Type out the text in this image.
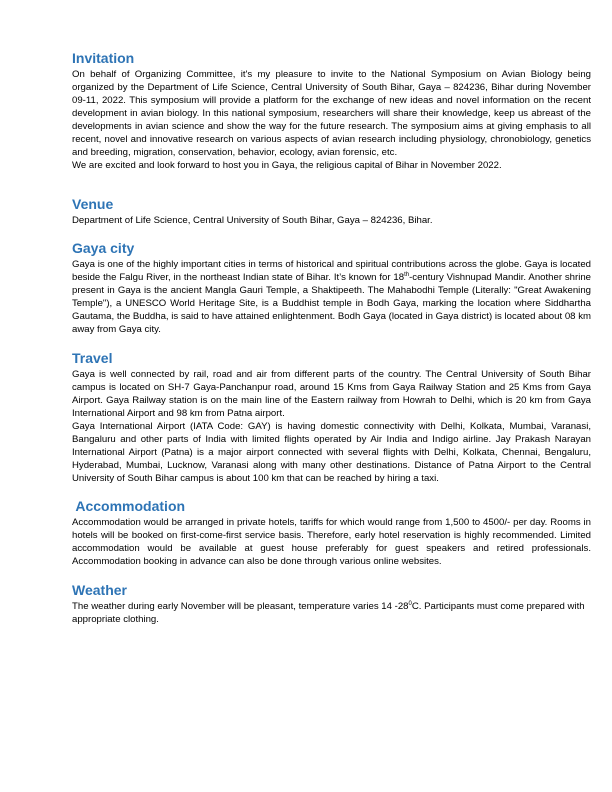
Invitation

On behalf of Organizing Committee, it's my pleasure to invite to the National Symposium on Avian Biology being organized by the Department of Life Science, Central University of South Bihar, Gaya – 824236, Bihar during November 09-11, 2022. This symposium will provide a platform for the exchange of new ideas and novel information on the recent development in avian biology. In this national symposium, researchers will share their knowledge, keep us abreast of the developments in avian science and show the way for the future research. The symposium aims at giving emphasis to all recent, novel and innovative research on various aspects of avian research including physiology, chronobiology, genetics and breeding, migration, conservation, behavior, ecology, avian forensic, etc.

We are excited and look forward to host you in Gaya, the religious capital of Bihar in November 2022.

Venue

Department of Life Science, Central University of South Bihar, Gaya – 824236, Bihar.

Gaya city

Gaya is one of the highly important cities in terms of historical and spiritual contributions across the globe. Gaya is located beside the Falgu River, in the northeast Indian state of Bihar. It’s known for 18th-century Vishnupad Mandir. Another shrine present in Gaya is the ancient Mangla Gauri Temple, a Shaktipeeth. The Mahabodhi Temple (Literally: "Great Awakening Temple"), a UNESCO World Heritage Site, is a Buddhist temple in Bodh Gaya, marking the location where Siddhartha Gautama, the Buddha, is said to have attained enlightenment. Bodh Gaya (located in Gaya district) is located about 08 km away from Gaya city.

Travel

Gaya is well connected by rail, road and air from different parts of the country. The Central University of South Bihar campus is located on SH-7 Gaya-Panchanpur road, around 15 Kms from Gaya Railway Station and 25 Kms from Gaya Airport. Gaya Railway station is on the main line of the Eastern railway from Howrah to Delhi, which is 20 km from Gaya International Airport and 98 km from Patna airport.

Gaya International Airport (IATA Code: GAY) is having domestic connectivity with Delhi, Kolkata, Mumbai, Varanasi, Bangaluru and other parts of India with limited flights operated by Air India and Indigo airline. Jay Prakash Narayan International Airport (Patna) is a major airport connected with several flights with Delhi, Kolkata, Chennai, Bengaluru, Hyderabad, Mumbai, Lucknow, Varanasi along with many other destinations. Distance of Patna Airport to the Central University of South Bihar campus is about 100 km that can be reached by hiring a taxi.

Accommodation

Accommodation would be arranged in private hotels, tariffs for which would range from 1,500 to 4500/- per day. Rooms in hotels will be booked on first-come-first service basis. Therefore, early hotel reservation is highly recommended. Limited accommodation would be available at guest house preferably for guest speakers and retired professionals. Accommodation booking in advance can also be done through various online websites.

Weather

The weather during early November will be pleasant, temperature varies 14 $-28^0C$. Participants must come prepared with appropriate clothing.
